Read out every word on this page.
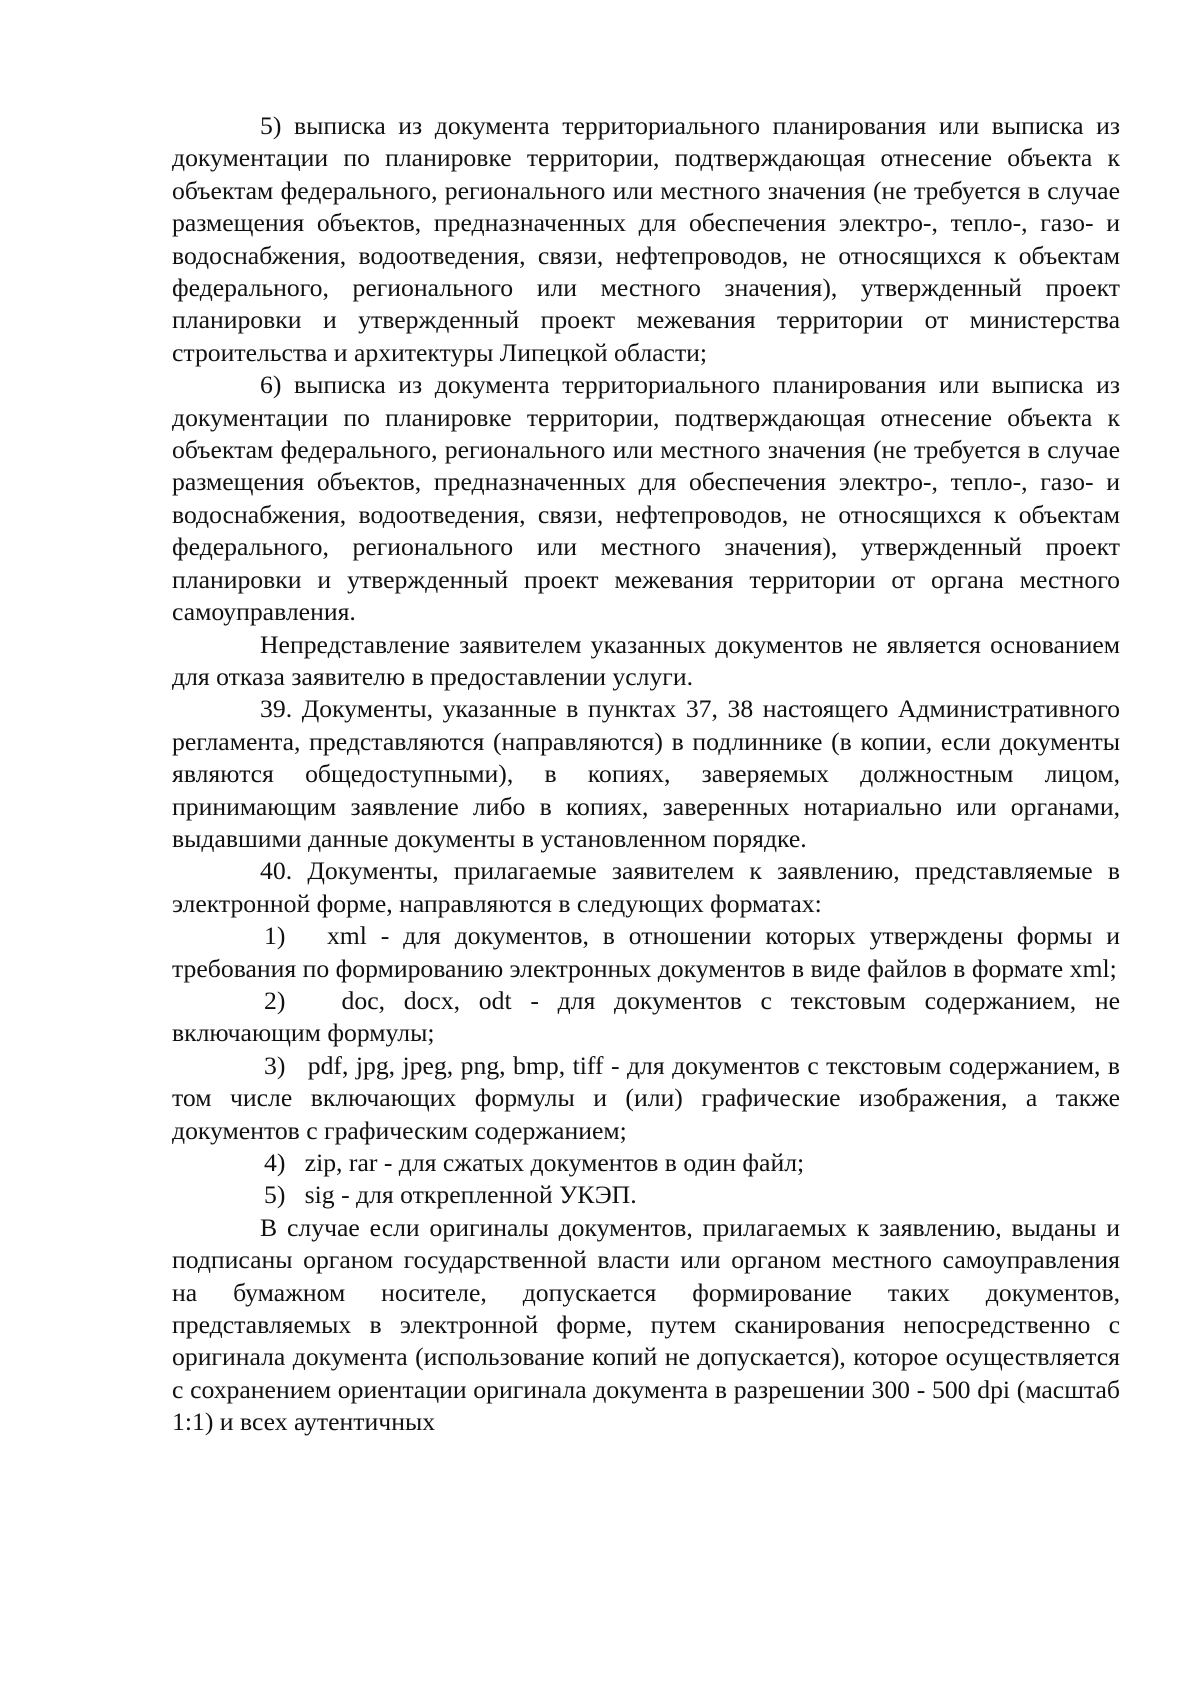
5) выписка из документа территориального планирования или выписка из документации по планировке территории, подтверждающая отнесение объекта к объектам федерального, регионального или местного значения (не требуется в случае размещения объектов, предназначенных для обеспечения электро-, тепло-, газо- и водоснабжения, водоотведения, связи, нефтепроводов, не относящихся к объектам федерального, регионального или местного значения), утвержденный проект планировки и утвержденный проект межевания территории от министерства строительства и архитектуры Липецкой области;

6) выписка из документа территориального планирования или выписка из документации по планировке территории, подтверждающая отнесение объекта к объектам федерального, регионального или местного значения (не требуется в случае размещения объектов, предназначенных для обеспечения электро-, тепло-, газо- и водоснабжения, водоотведения, связи, нефтепроводов, не относящихся к объектам федерального, регионального или местного значения), утвержденный проект планировки и утвержденный проект межевания территории от органа местного самоуправления.

Непредставление заявителем указанных документов не является основанием для отказа заявителю в предоставлении услуги.

39. Документы, указанные в пунктах 37, 38 настоящего Административного регламента, представляются (направляются) в подлиннике (в копии, если документы являются общедоступными), в копиях, заверяемых должностным лицом, принимающим заявление либо в копиях, заверенных нотариально или органами, выдавшими данные документы в установленном порядке.

40. Документы, прилагаемые заявителем к заявлению, представляемые в электронной форме, направляются в следующих форматах:

1)   xml - для документов, в отношении которых утверждены формы и требования по формированию электронных документов в виде файлов в формате xml;

2)   doc, docx, odt - для документов с текстовым содержанием, не включающим формулы;

3)   pdf, jpg, jpeg, png, bmp, tiff - для документов с текстовым содержанием, в том числе включающих формулы и (или) графические изображения, а также документов с графическим содержанием;

4)   zip, rar - для сжатых документов в один файл;

5)   sig - для открепленной УКЭП.

В случае если оригиналы документов, прилагаемых к заявлению, выданы и подписаны органом государственной власти или органом местного самоуправления на бумажном носителе, допускается формирование таких документов, представляемых в электронной форме, путем сканирования непосредственно с оригинала документа (использование копий не допускается), которое осуществляется с сохранением ориентации оригинала документа в разрешении 300 - 500 dpi (масштаб 1:1) и всех аутентичных
